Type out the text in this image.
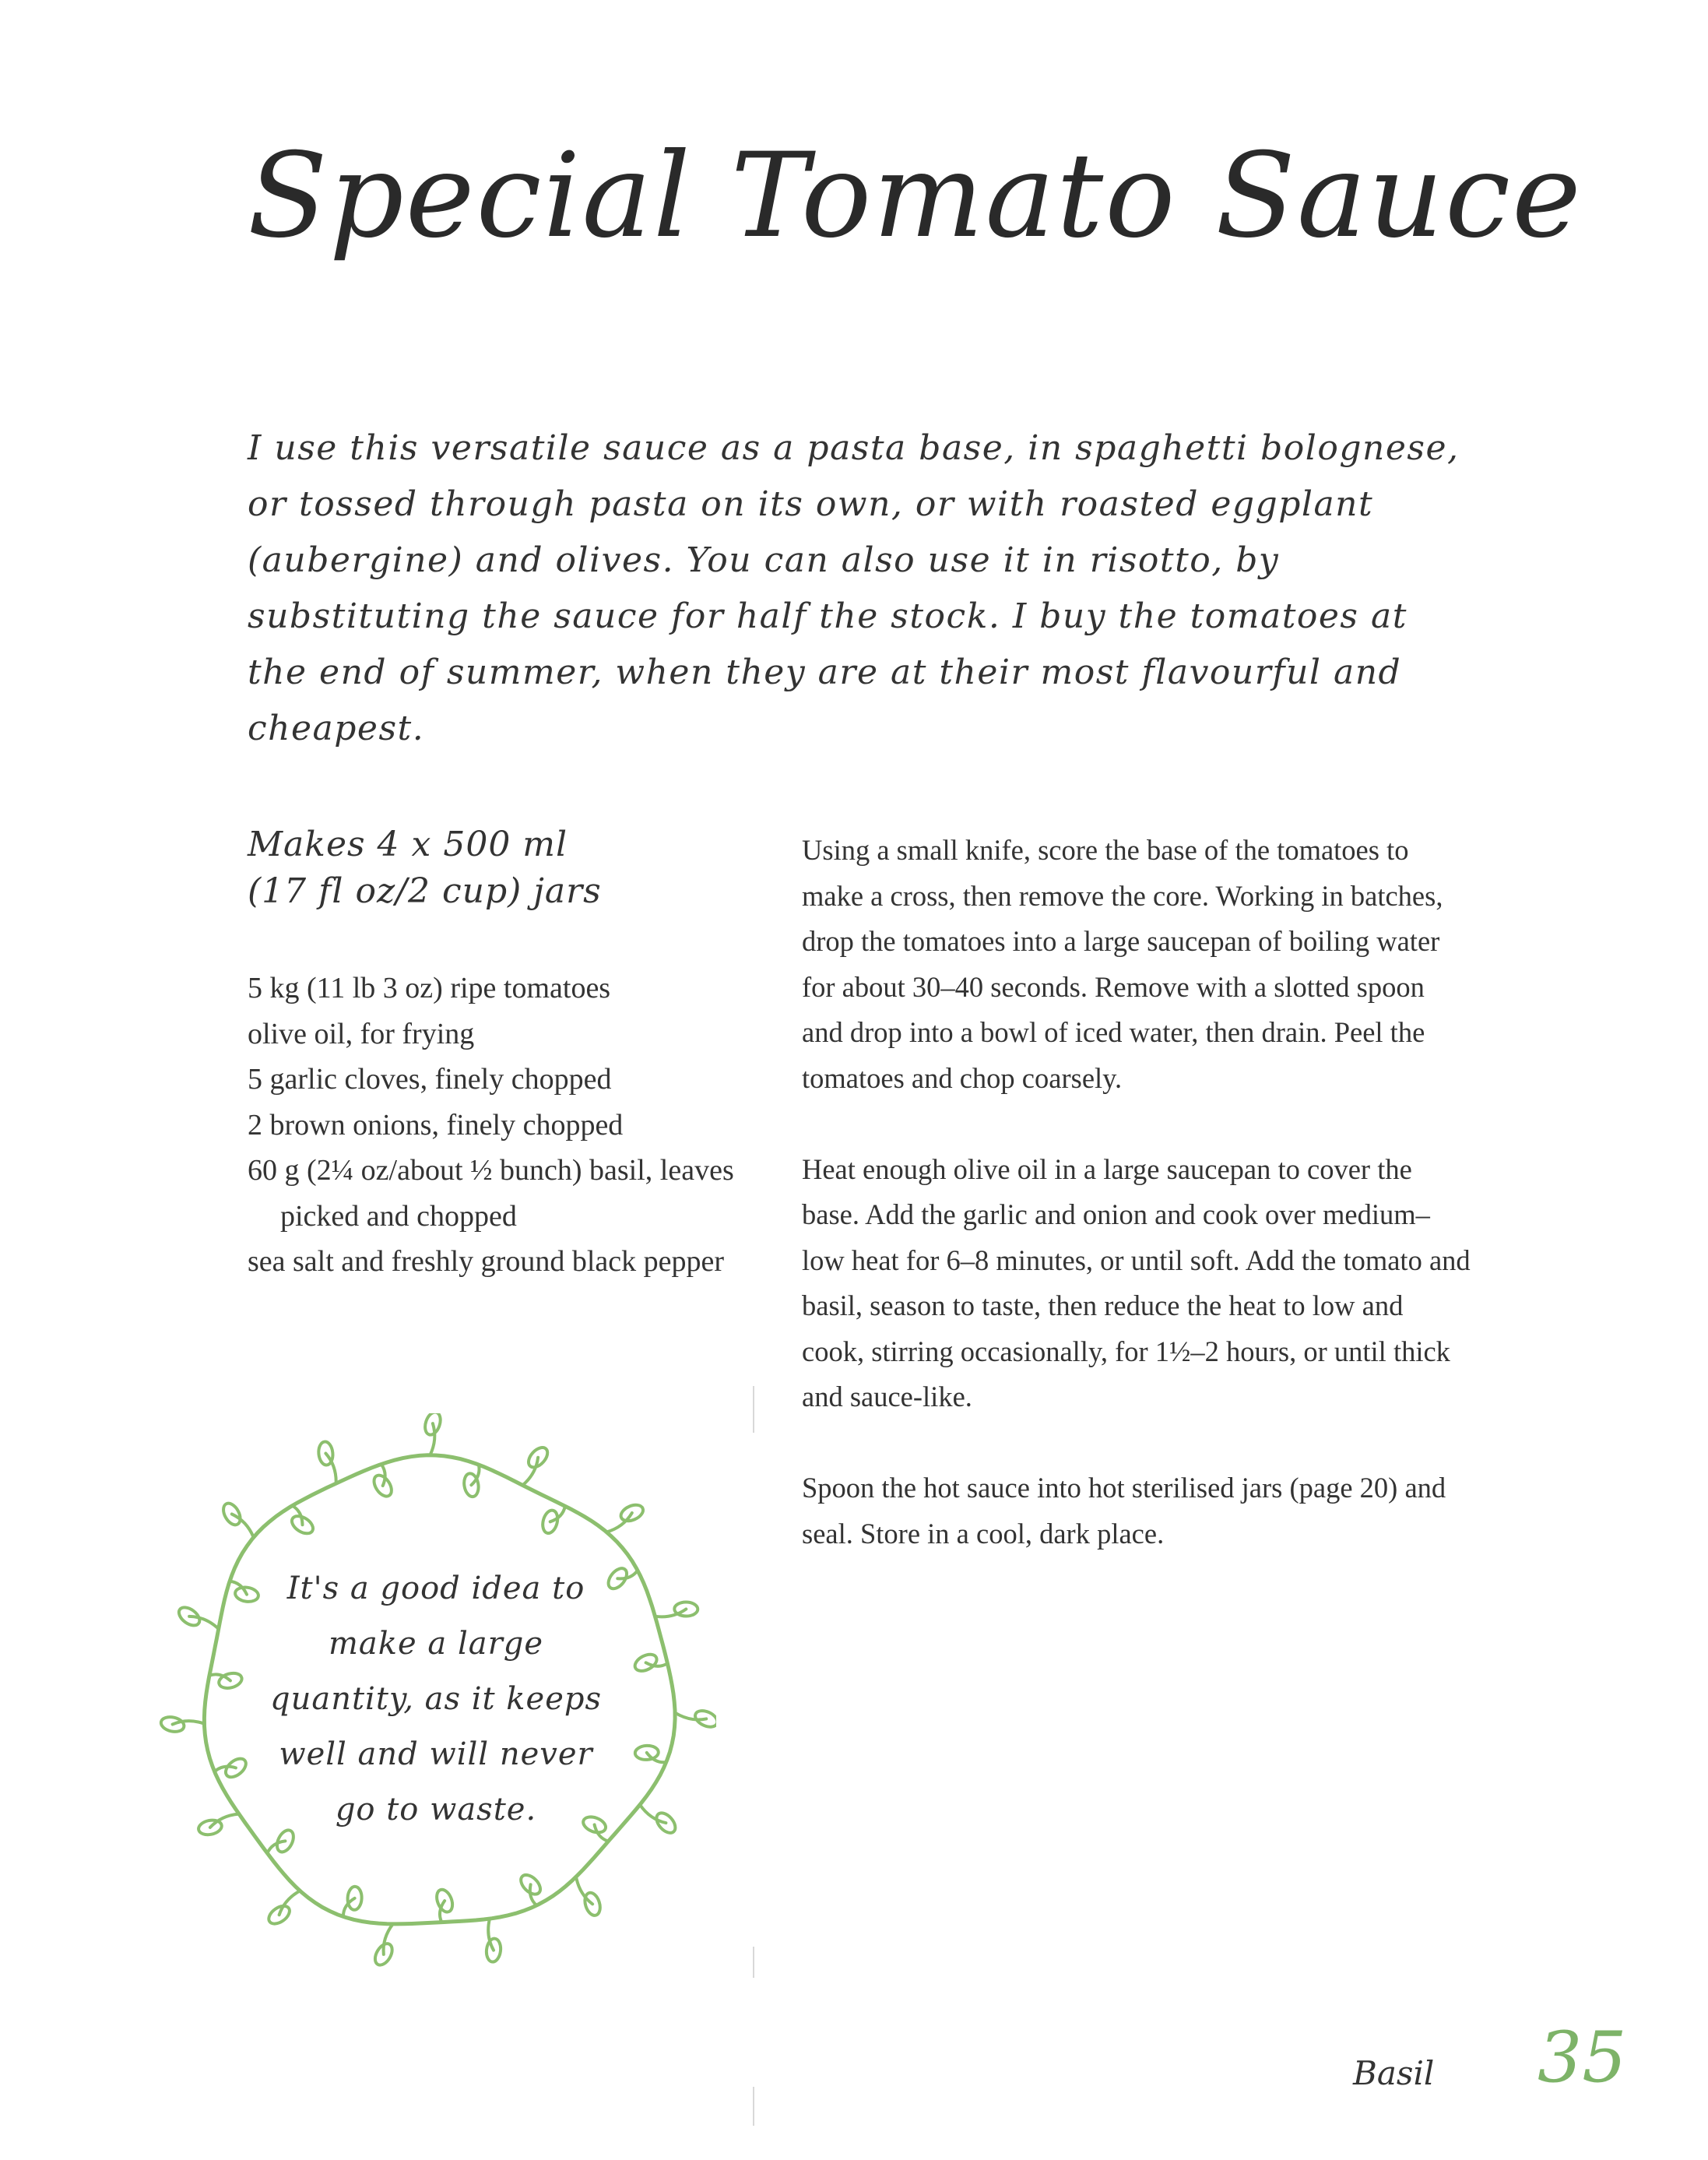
Special Tomato Sauce
I use this versatile sauce as a pasta base, in spaghetti bolognese, or tossed through pasta on its own, or with roasted eggplant (aubergine) and olives. You can also use it in risotto, by substituting the sauce for half the stock. I buy the tomatoes at the end of summer, when they are at their most flavourful and cheapest.
Makes 4 x 500 ml
(17 fl oz/2 cup) jars
5 kg (11 lb 3 oz) ripe tomatoes
olive oil, for frying
5 garlic cloves, finely chopped
2 brown onions, finely chopped
60 g (2¼ oz/about ½ bunch) basil, leaves picked and chopped
sea salt and freshly ground black pepper

Using a small knife, score the base of the tomatoes to make a cross, then remove the core. Working in batches, drop the tomatoes into a large saucepan of boiling water for about 30–40 seconds. Remove with a slotted spoon and drop into a bowl of iced water, then drain. Peel the tomatoes and chop coarsely.

Heat enough olive oil in a large saucepan to cover the base. Add the garlic and onion and cook over medium–low heat for 6–8 minutes, or until soft. Add the tomato and basil, season to taste, then reduce the heat to low and cook, stirring occasionally, for 1½–2 hours, or until thick and sauce-like.

Spoon the hot sauce into hot sterilised jars (page 20) and seal. Store in a cool, dark place.

It's a good idea to make a large quantity, as it keeps well and will never go to waste.
Basil 35
